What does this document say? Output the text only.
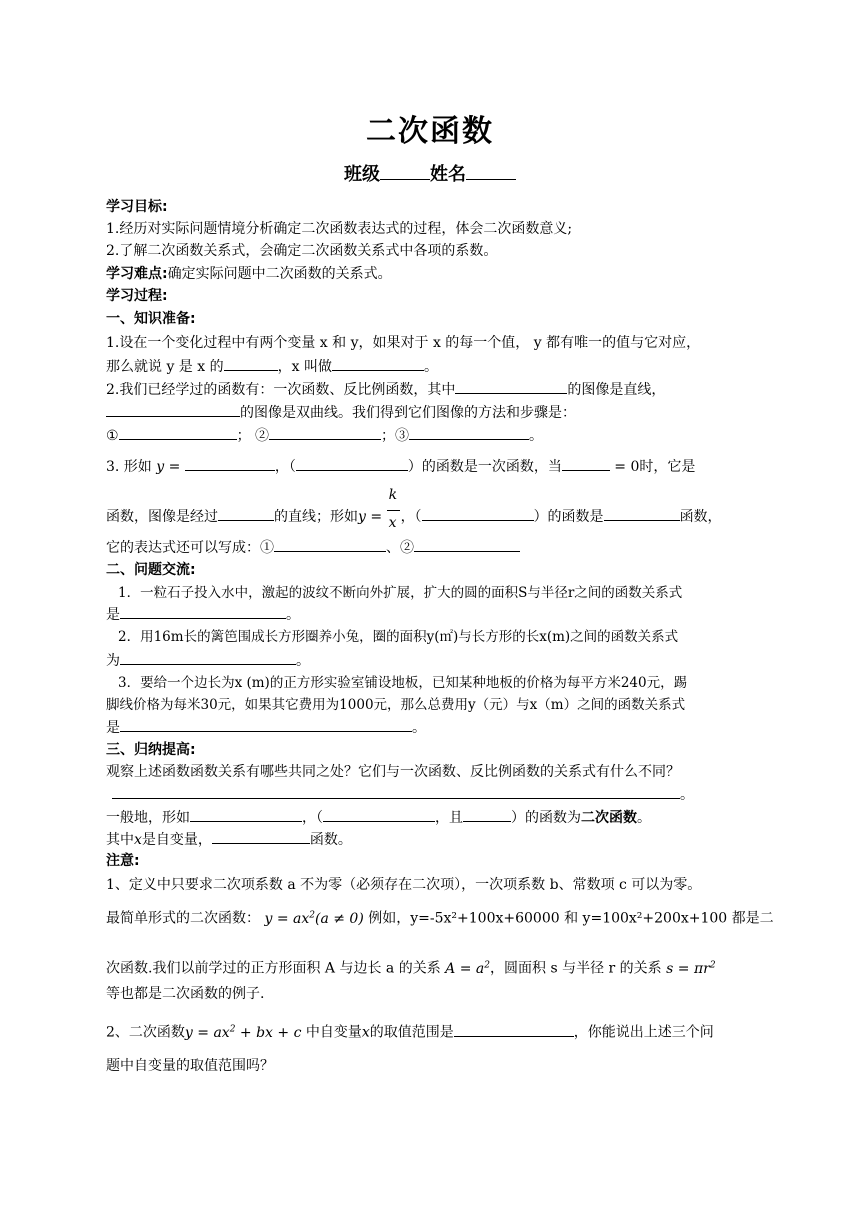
二次函数
班级	姓名
学习目标:
1.经历对实际问题情境分析确定二次函数表达式的过程，体会二次函数意义;
2.了解二次函数关系式，会确定二次函数关系式中各项的系数。
学习难点:确定实际问题中二次函数的关系式。
学习过程:
一、知识准备:
1.设在一个变化过程中有两个变量 x 和 y，如果对于 x 的每一个值， y 都有唯一的值与它对应，
那么就说 y 是 x 的	，x 叫做	。
2.我们已经学过的函数有：一次函数、反比例函数，其中	的图像是直线，
的图像是双曲线。我们得到它们图像的方法和步骤是：
①	； ②	；③	。
3. 形如 y =	，（	）的函数是一次函数，当	= 0时，它是
函数，图像是经过	的直线；形如$y = \frac{k}{x}$ ，（	）的函数是	函数，
它的表达式还可以写成：①	、②
二、问题交流:
1．一粒石子投入水中，激起的波纹不断向外扩展，扩大的圆的面积S与半径r之间的函数关系式
是	。
2．用16m长的篱笆围成长方形圈养小兔，圈的面积y(㎡)与长方形的长x(m)之间的函数关系式
为	。
3．要给一个边长为x (m)的正方形实验室铺设地板，已知某种地板的价格为每平方米240元，踢
脚线价格为每米30元，如果其它费用为1000元，那么总费用y（元）与x（m）之间的函数关系式
是	。
三、归纳提高:
观察上述函数函数关系有哪些共同之处？它们与一次函数、反比例函数的关系式有什么不同？
。
一般地，形如	，（	，且	）的函数为二次函数。
其中x是自变量，	函数。
注意:
1、定义中只要求二次项系数 a 不为零（必须存在二次项），一次项系数 b、常数项 c 可以为零。
最简单形式的二次函数： $y = ax^2(a \ne 0)$ 例如，y=-5x²+100x+60000 和 y=100x²+200x+100 都是二
次函数.我们以前学过的正方形面积 A 与边长 a 的关系 $A = a^2$，圆面积 s 与半径 r 的关系 $s = \pi r^2$
等也都是二次函数的例子.
2、二次函数$y = ax^2$ + bx + c 中自变量x的取值范围是	，你能说出上述三个问
题中自变量的取值范围吗？
